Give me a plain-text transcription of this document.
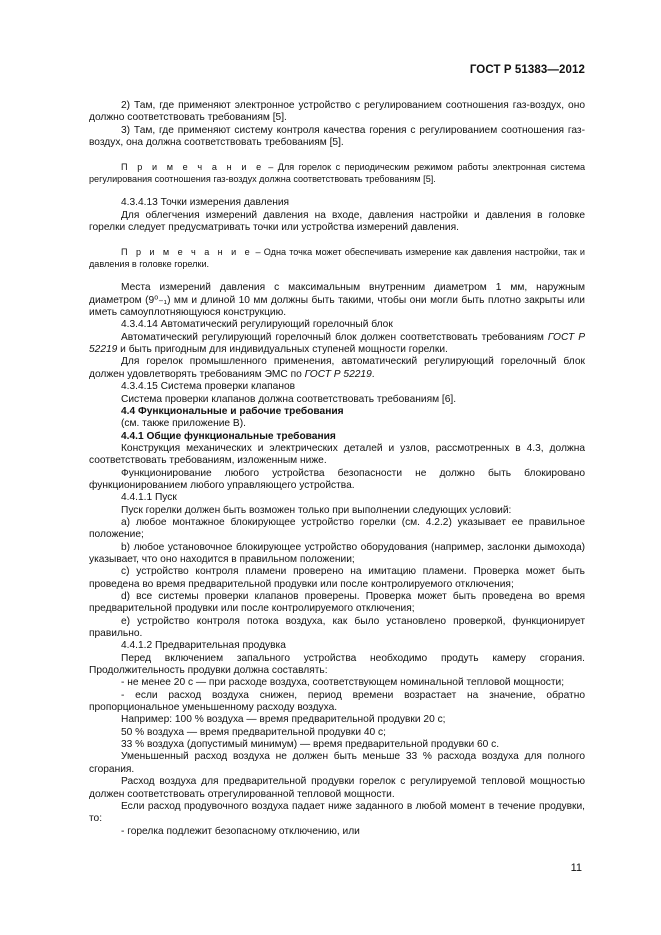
ГОСТ Р 51383—2012

2) Там, где применяют электронное устройство с регулированием соотношения газ-воздух, оно должно соответствовать требованиям [5].

3) Там, где применяют систему контроля качества горения с регулированием соотношения газ-воздух, она должна соответствовать требованиям [5].

П р и м е ч а н и е – Для горелок с периодическим режимом работы электронная система регулирования соотношения газ-воздух должна соответствовать требованиям [5].

4.3.4.13 Точки измерения давления

Для облегчения измерений давления на входе, давления настройки и давления в головке горелки следует предусматривать точки или устройства измерений давления.

П р и м е ч а н и е – Одна точка может обеспечивать измерение как давления настройки, так и давления в головке горелки.

Места измерений давления с максимальным внутренним диаметром 1 мм, наружным диаметром (9⁰₋₁) мм и длиной 10 мм должны быть такими, чтобы они могли быть плотно закрыты или иметь самоуплотняющуюся конструкцию.

4.3.4.14 Автоматический регулирующий горелочный блок

Автоматический регулирующий горелочный блок должен соответствовать требованиям ГОСТ Р 52219 и быть пригодным для индивидуальных ступеней мощности горелки.

Для горелок промышленного применения, автоматический регулирующий горелочный блок должен удовлетворять требованиям ЭМС по ГОСТ Р 52219.

4.3.4.15 Система проверки клапанов

Система проверки клапанов должна соответствовать требованиям [6].

4.4 Функциональные и рабочие требования

(см. также приложение В).

4.4.1 Общие функциональные требования

Конструкция механических и электрических деталей и узлов, рассмотренных в 4.3, должна соответствовать требованиям, изложенным ниже.

Функционирование любого устройства безопасности не должно быть блокировано функционированием любого управляющего устройства.

4.4.1.1 Пуск

Пуск горелки должен быть возможен только при выполнении следующих условий:

а) любое монтажное блокирующее устройство горелки (см. 4.2.2) указывает ее правильное положение;

b) любое установочное блокирующее устройство оборудования (например, заслонки дымохода) указывает, что оно находится в правильном положении;

с) устройство контроля пламени проверено на имитацию пламени. Проверка может быть проведена во время предварительной продувки или после контролируемого отключения;

d) все системы проверки клапанов проверены. Проверка может быть проведена во время предварительной продувки или после контролируемого отключения;

е) устройство контроля потока воздуха, как было установлено проверкой, функционирует правильно.

4.4.1.2 Предварительная продувка

Перед включением запального устройства необходимо продуть камеру сгорания. Продолжительность продувки должна составлять:

- не менее 20 с — при расходе воздуха, соответствующем номинальной тепловой мощности;

- если расход воздуха снижен, период времени возрастает на значение, обратно пропорциональное уменьшенному расходу воздуха.

Например: 100 % воздуха — время предварительной продувки 20 с;

50 % воздуха — время предварительной продувки 40 с;

33 % воздуха (допустимый минимум) — время предварительной продувки 60 с.

Уменьшенный расход воздуха не должен быть меньше 33 % расхода воздуха для полного сгорания.

Расход воздуха для предварительной продувки горелок с регулируемой тепловой мощностью должен соответствовать отрегулированной тепловой мощности.

Если расход продувочного воздуха падает ниже заданного в любой момент в течение продувки, то:

- горелка подлежит безопасному отключению, или

11
